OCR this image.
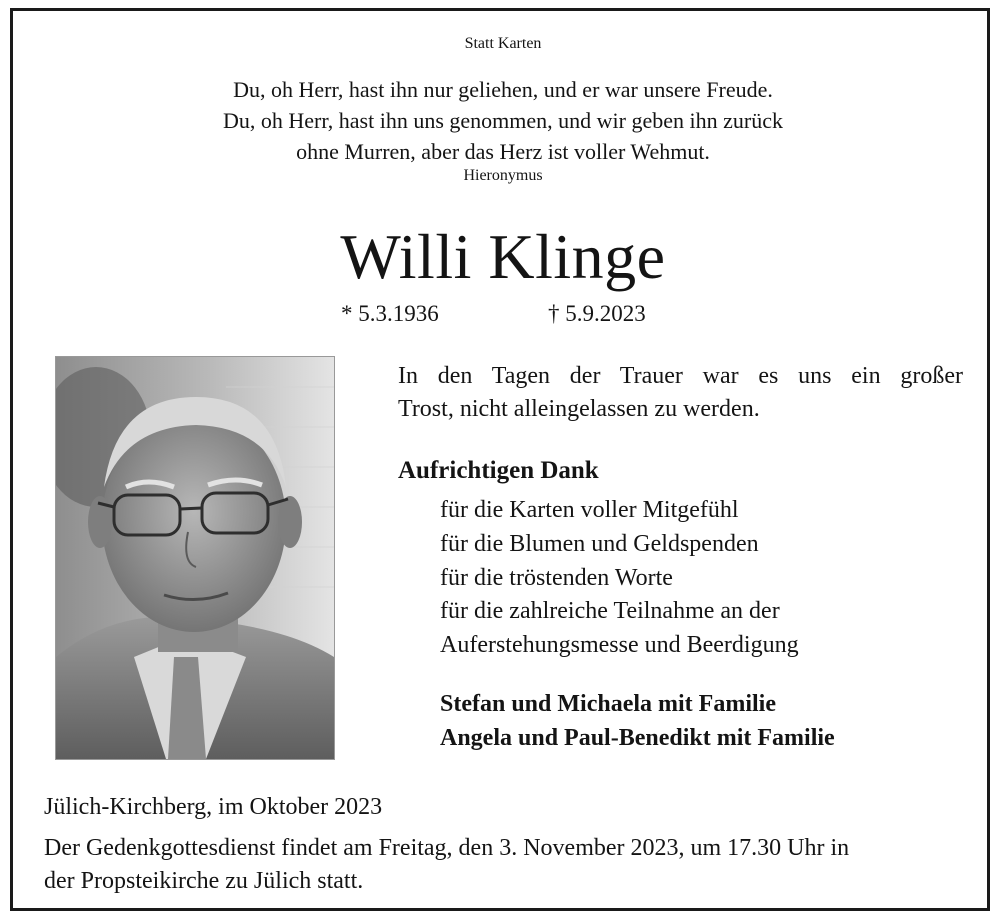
Statt Karten
Du, oh Herr, hast ihn nur geliehen, und er war unsere Freude.
Du, oh Herr, hast ihn uns genommen, und wir geben ihn zurück
ohne Murren, aber das Herz ist voller Wehmut.
Hieronymus
Willi Klinge
* 5.3.1936	† 5.9.2023
In den Tagen der Trauer war es uns ein großer
Trost, nicht alleingelassen zu werden.
Aufrichtigen Dank
für die Karten voller Mitgefühl
für die Blumen und Geldspenden
für die tröstenden Worte
für die zahlreiche Teilnahme an der
Auferstehungsmesse und Beerdigung
Stefan und Michaela mit Familie
Angela und Paul-Benedikt mit Familie
Jülich-Kirchberg, im Oktober 2023
Der Gedenkgottesdienst findet am Freitag, den 3. November 2023, um 17.30 Uhr in
der Propsteikirche zu Jülich statt.
